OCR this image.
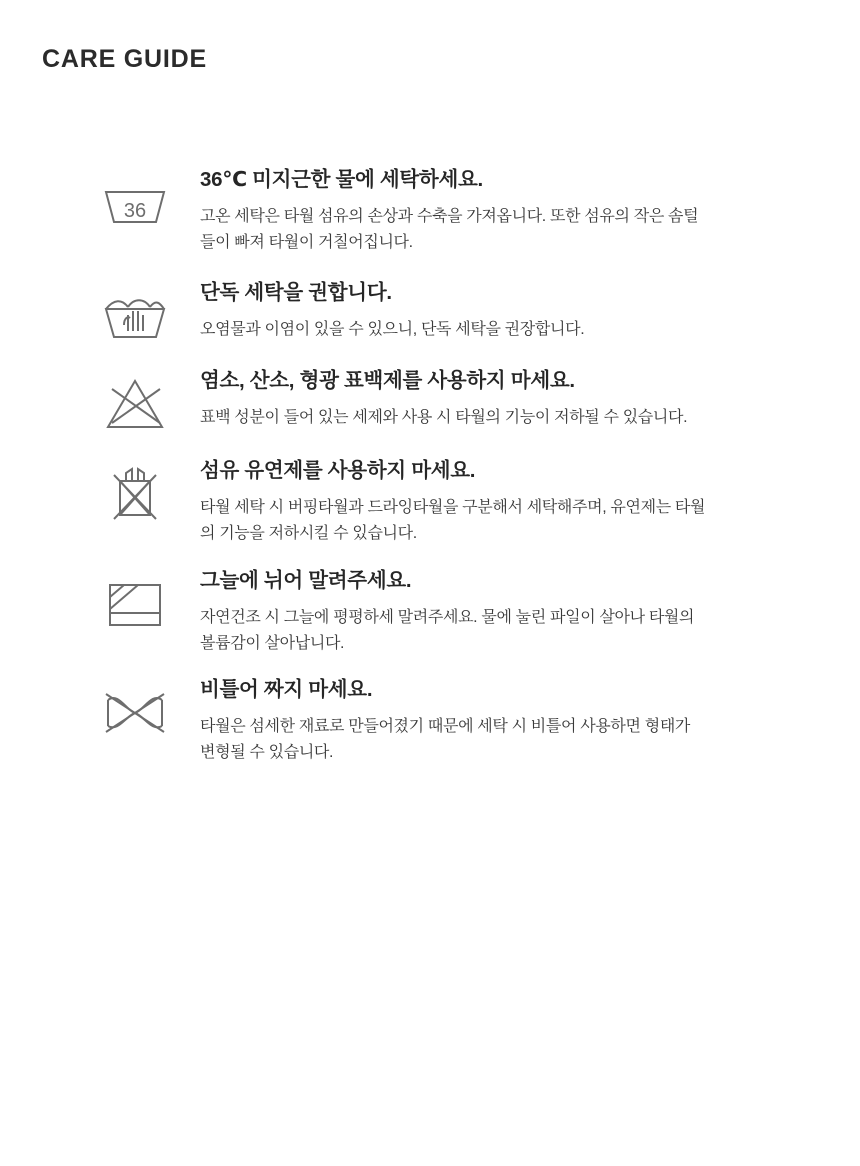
CARE GUIDE
36

36℃ 미지근한 물에 세탁하세요.

고온 세탁은 타월 섬유의 손상과 수축을 가져옵니다. 또한 섬유의 작은 솜털들이 빠져 타월이 거칠어집니다.

단독 세탁을 권합니다.

오염물과 이염이 있을 수 있으니, 단독 세탁을 권장합니다.

염소, 산소, 형광 표백제를 사용하지 마세요.

표백 성분이 들어 있는 세제와 사용 시 타월의 기능이 저하될 수 있습니다.

섬유 유연제를 사용하지 마세요.

타월 세탁 시 버핑타월과 드라잉타월을 구분해서 세탁해주며, 유연제는 타월의 기능을 저하시킬 수 있습니다.

그늘에 뉘어 말려주세요.

자연건조 시 그늘에 평평하세 말려주세요. 물에 눌린 파일이 살아나 타월의 볼륨감이 살아납니다.

비틀어 짜지 마세요.

타월은 섬세한 재료로 만들어졌기 때문에 세탁 시 비틀어 사용하면 형태가 변형될 수 있습니다.
